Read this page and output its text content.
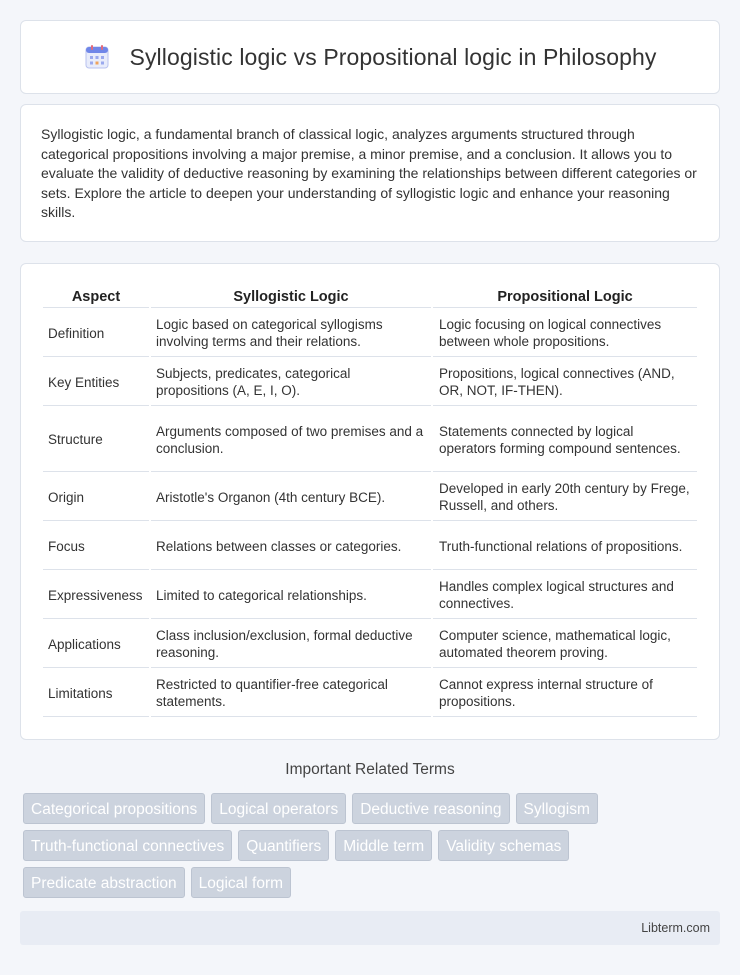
Syllogistic logic vs Propositional logic in Philosophy

Syllogistic logic, a fundamental branch of classical logic, analyzes arguments structured through categorical propositions involving a major premise, a minor premise, and a conclusion. It allows you to evaluate the validity of deductive reasoning by examining the relationships between different categories or sets. Explore the article to deepen your understanding of syllogistic logic and enhance your reasoning skills.

Aspect	Syllogistic Logic	Propositional Logic
Definition	Logic based on categorical syllogisms involving terms and their relations.	Logic focusing on logical connectives between whole propositions.
Key Entities	Subjects, predicates, categorical propositions (A, E, I, O).	Propositions, logical connectives (AND, OR, NOT, IF-THEN).
Structure	Arguments composed of two premises and a conclusion.	Statements connected by logical operators forming compound sentences.
Origin	Aristotle's Organon (4th century BCE).	Developed in early 20th century by Frege, Russell, and others.
Focus	Relations between classes or categories.	Truth-functional relations of propositions.
Expressiveness	Limited to categorical relationships.	Handles complex logical structures and connectives.
Applications	Class inclusion/exclusion, formal deductive reasoning.	Computer science, mathematical logic, automated theorem proving.
Limitations	Restricted to quantifier-free categorical statements.	Cannot express internal structure of propositions.
Important Related Terms
Categorical propositions	Logical operators	Deductive reasoning	Syllogism
Truth-functional connectives	Quantifiers	Middle term	Validity schemas
Predicate abstraction	Logical form
Libterm.com
